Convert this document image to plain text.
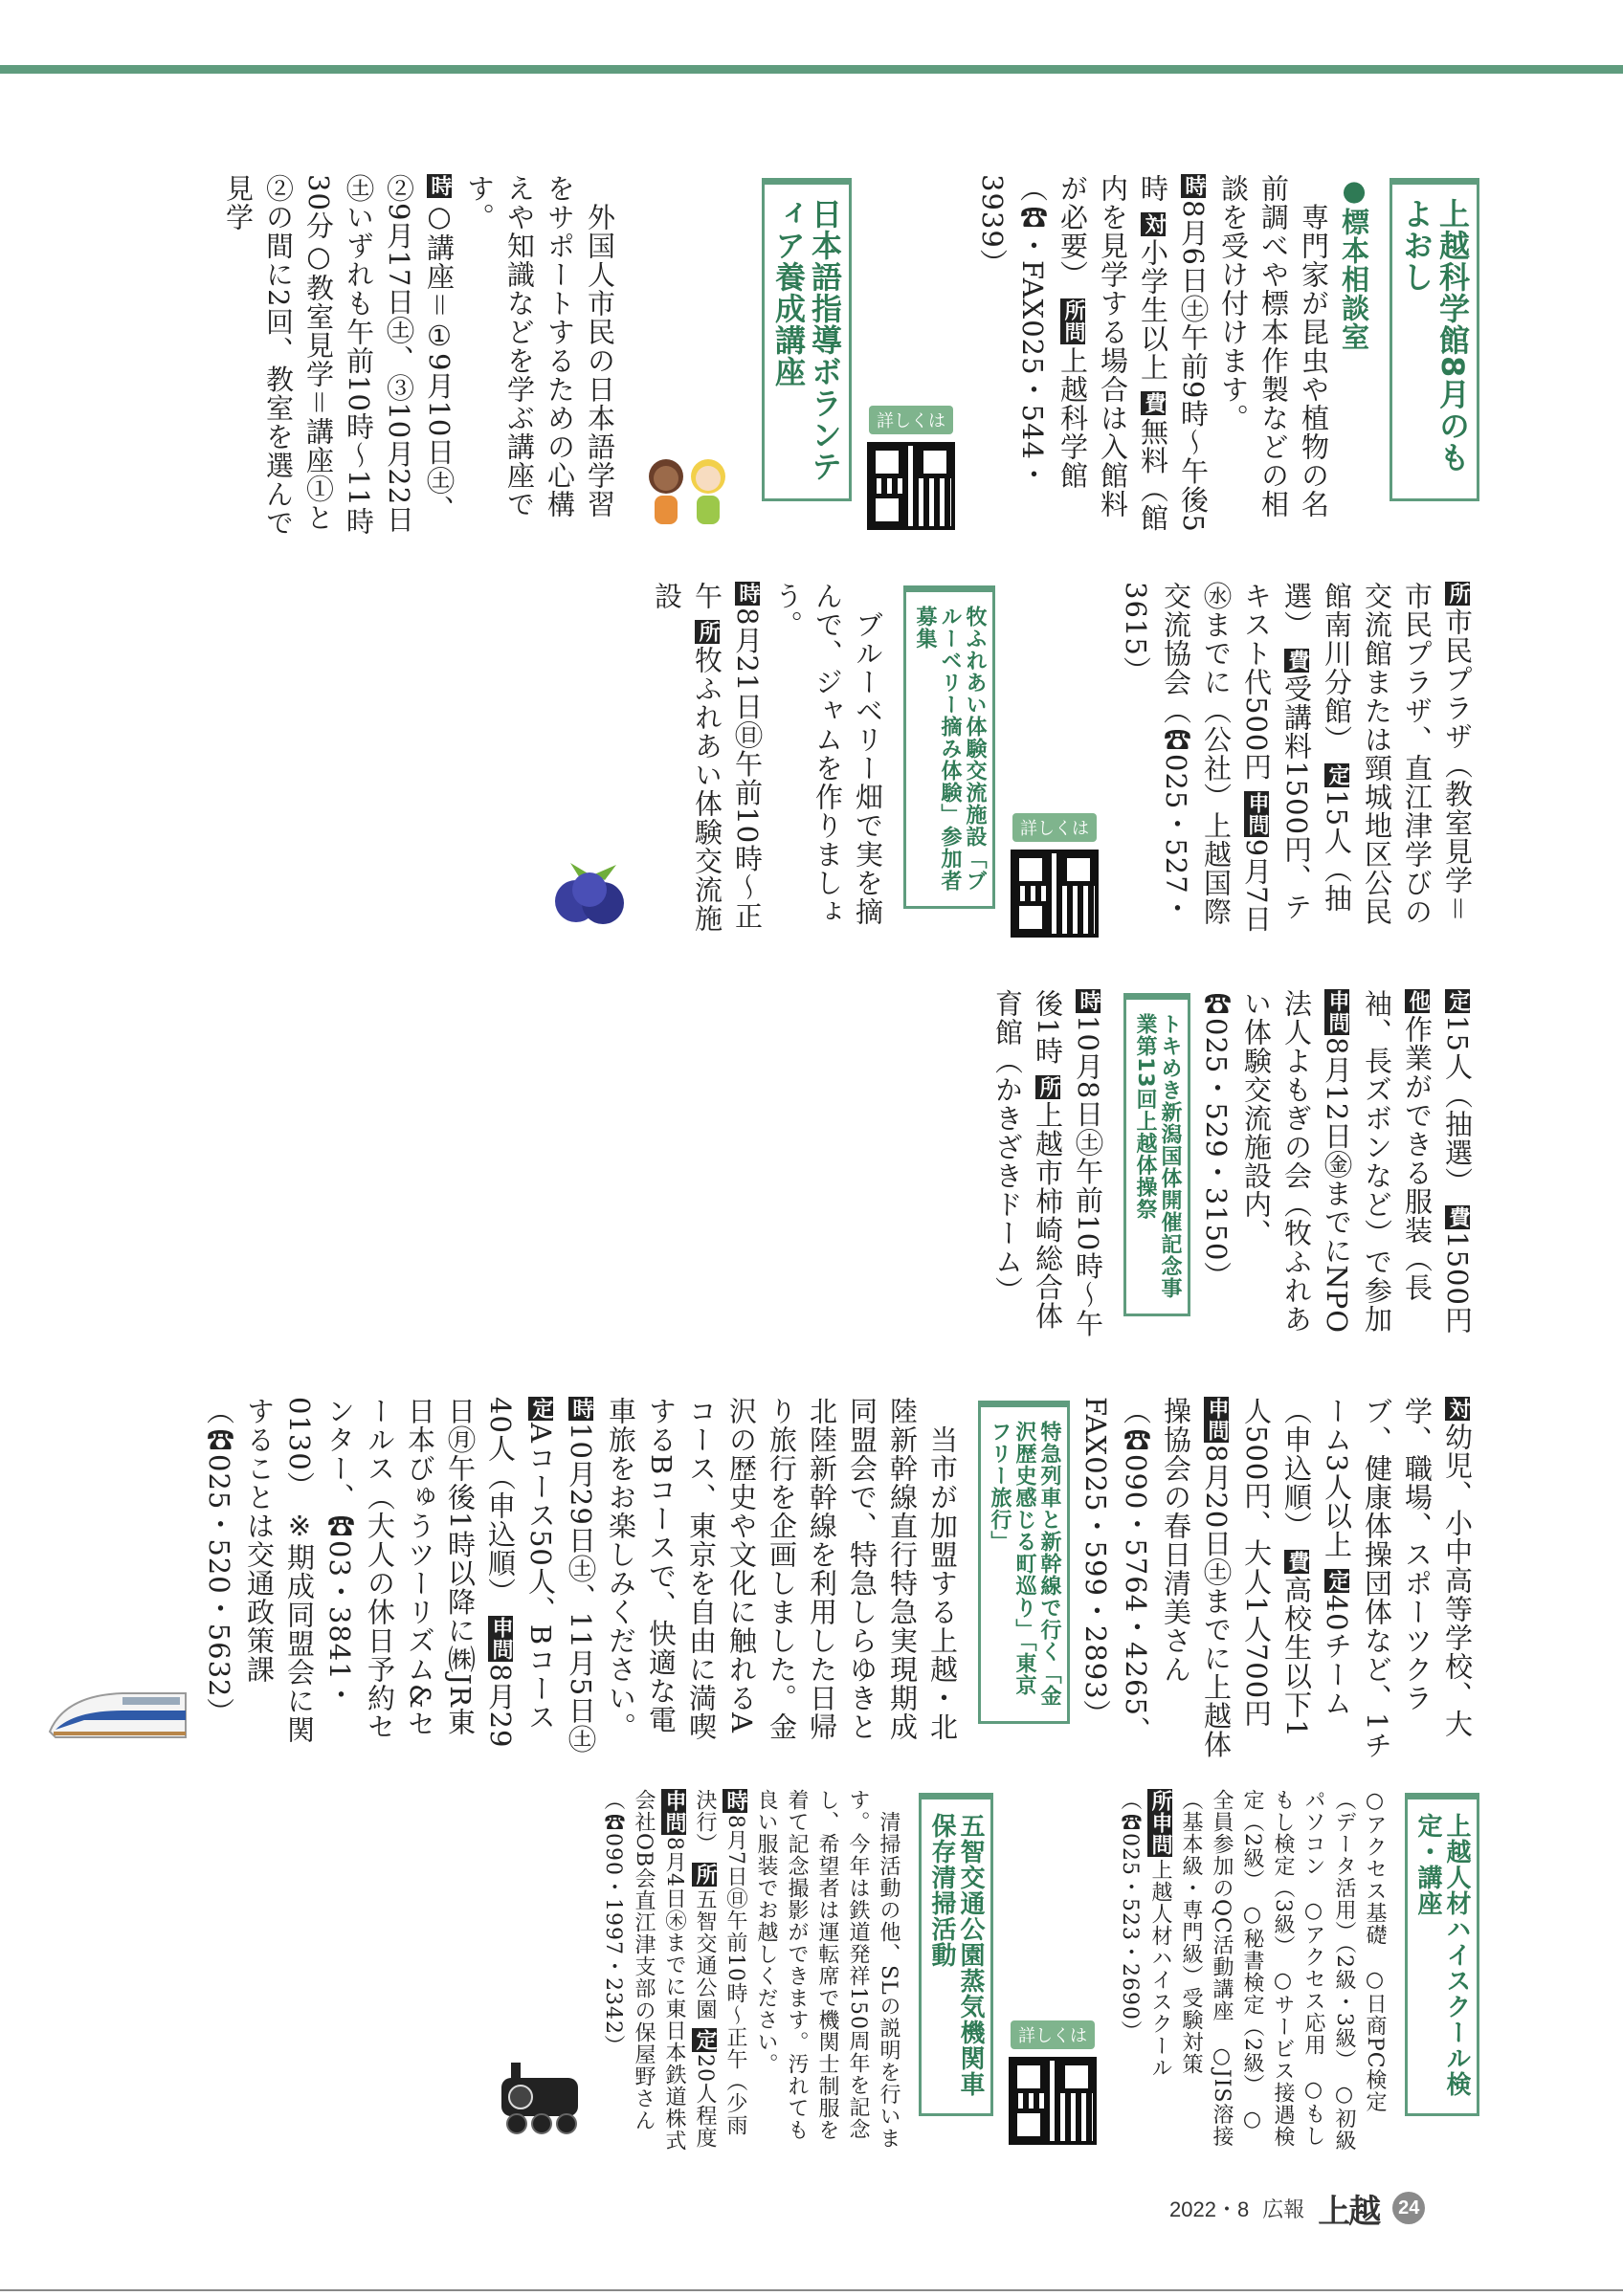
上越科学館8月のもよおし
●標本相談室
　専門家が昆虫や植物の名前調べや標本作製などの相談を受け付けます。
時8月6日㊏午前9時〜午後5時 対小学生以上 費無料（館内を見学する場合は入館料が必要） 所問上越科学館（☎・FAX025・544・3939）
詳しくは
日本語指導ボランティア養成講座
　外国人市民の日本語学習をサポートするための心構えや知識などを学ぶ講座です。
時○講座＝①9月10日㊏、②9月17日㊏、③10月22日㊏いずれも午前10時〜11時30分○教室見学＝講座①と②の間に2回、教室を選んで見学
所市民プラザ（教室見学＝市民プラザ、直江津学びの交流館または頸城地区公民館南川分館） 定15人（抽選） 費受講料1500円、テキスト代500円 申問9月7日㊌までに（公社）上越国際交流協会（☎025・527・3615）
詳しくは
牧ふれあい体験交流施設「ブルーベリー摘み体験」参加者募集
　ブルーベリー畑で実を摘んで、ジャムを作りましょう。
時8月21日㊐午前10時〜正午 所牧ふれあい体験交流施設
定15人（抽選） 費1500円 他作業ができる服装（長袖、長ズボンなど）で参加 申問8月12日㊎までにNPO法人よもぎの会（牧ふれあい体験交流施設内、☎025・529・3150）
トキめき新潟国体開催記念事業第13回上越体操祭
時10月8日㊏午前10時〜午後1時 所上越市柿崎総合体育館（かきざきドーム）
対幼児、小中高等学校、大学、職場、スポーツクラブ、健康体操団体など、1チーム3人以上 定40チーム（申込順） 費高校生以下1人500円、大人1人700円 申問8月20日㊏までに上越体操協会の春日清美さん（☎090・5764・4265、FAX025・599・2893）
特急列車と新幹線で行く「金沢歴史感じる町巡り」「東京フリー旅行」
　当市が加盟する上越・北陸新幹線直行特急実現期成同盟会で、特急しらゆきと北陸新幹線を利用した日帰り旅行を企画しました。金沢の歴史や文化に触れるAコース、東京を自由に満喫するBコースで、快適な電車旅をお楽しみください。
時10月29日㊏、11月5日㊏ 定Aコース50人、Bコース40人（申込順） 申問8月29日㊊午後1時以降に㈱JR東日本びゅうツーリズム&セールス（大人の休日予約センター、☎03・3841・0130） ※期成同盟会に関することは交通政策課（☎025・520・5632）
上越人材ハイスクール検定・講座
○アクセス基礎　○日商PC検定（データ活用）（2級・3級）　○初級パソコン　○アクセス応用　○もしもし検定（3級）　○サービス接遇検定（2級）　○秘書検定（2級）　○全員参加のQC活動講座　○JIS溶接（基本級・専門級）受験対策
所申問上越人材ハイスクール（☎025・523・2690）
詳しくは
五智交通公園蒸気機関車保存清掃活動
　清掃活動の他、SLの説明を行います。今年は鉄道発祥150周年を記念し、希望者は運転席で機関士制服を着て記念撮影ができます。汚れても良い服装でお越しください。
時8月7日㊐午前10時〜正午（少雨決行） 所五智交通公園 定20人程度 申問8月4日㊍までに東日本鉄道株式会社OB会直江津支部の保屋野さん（☎090・1997・2342）
2022・8 広報 上越 24
